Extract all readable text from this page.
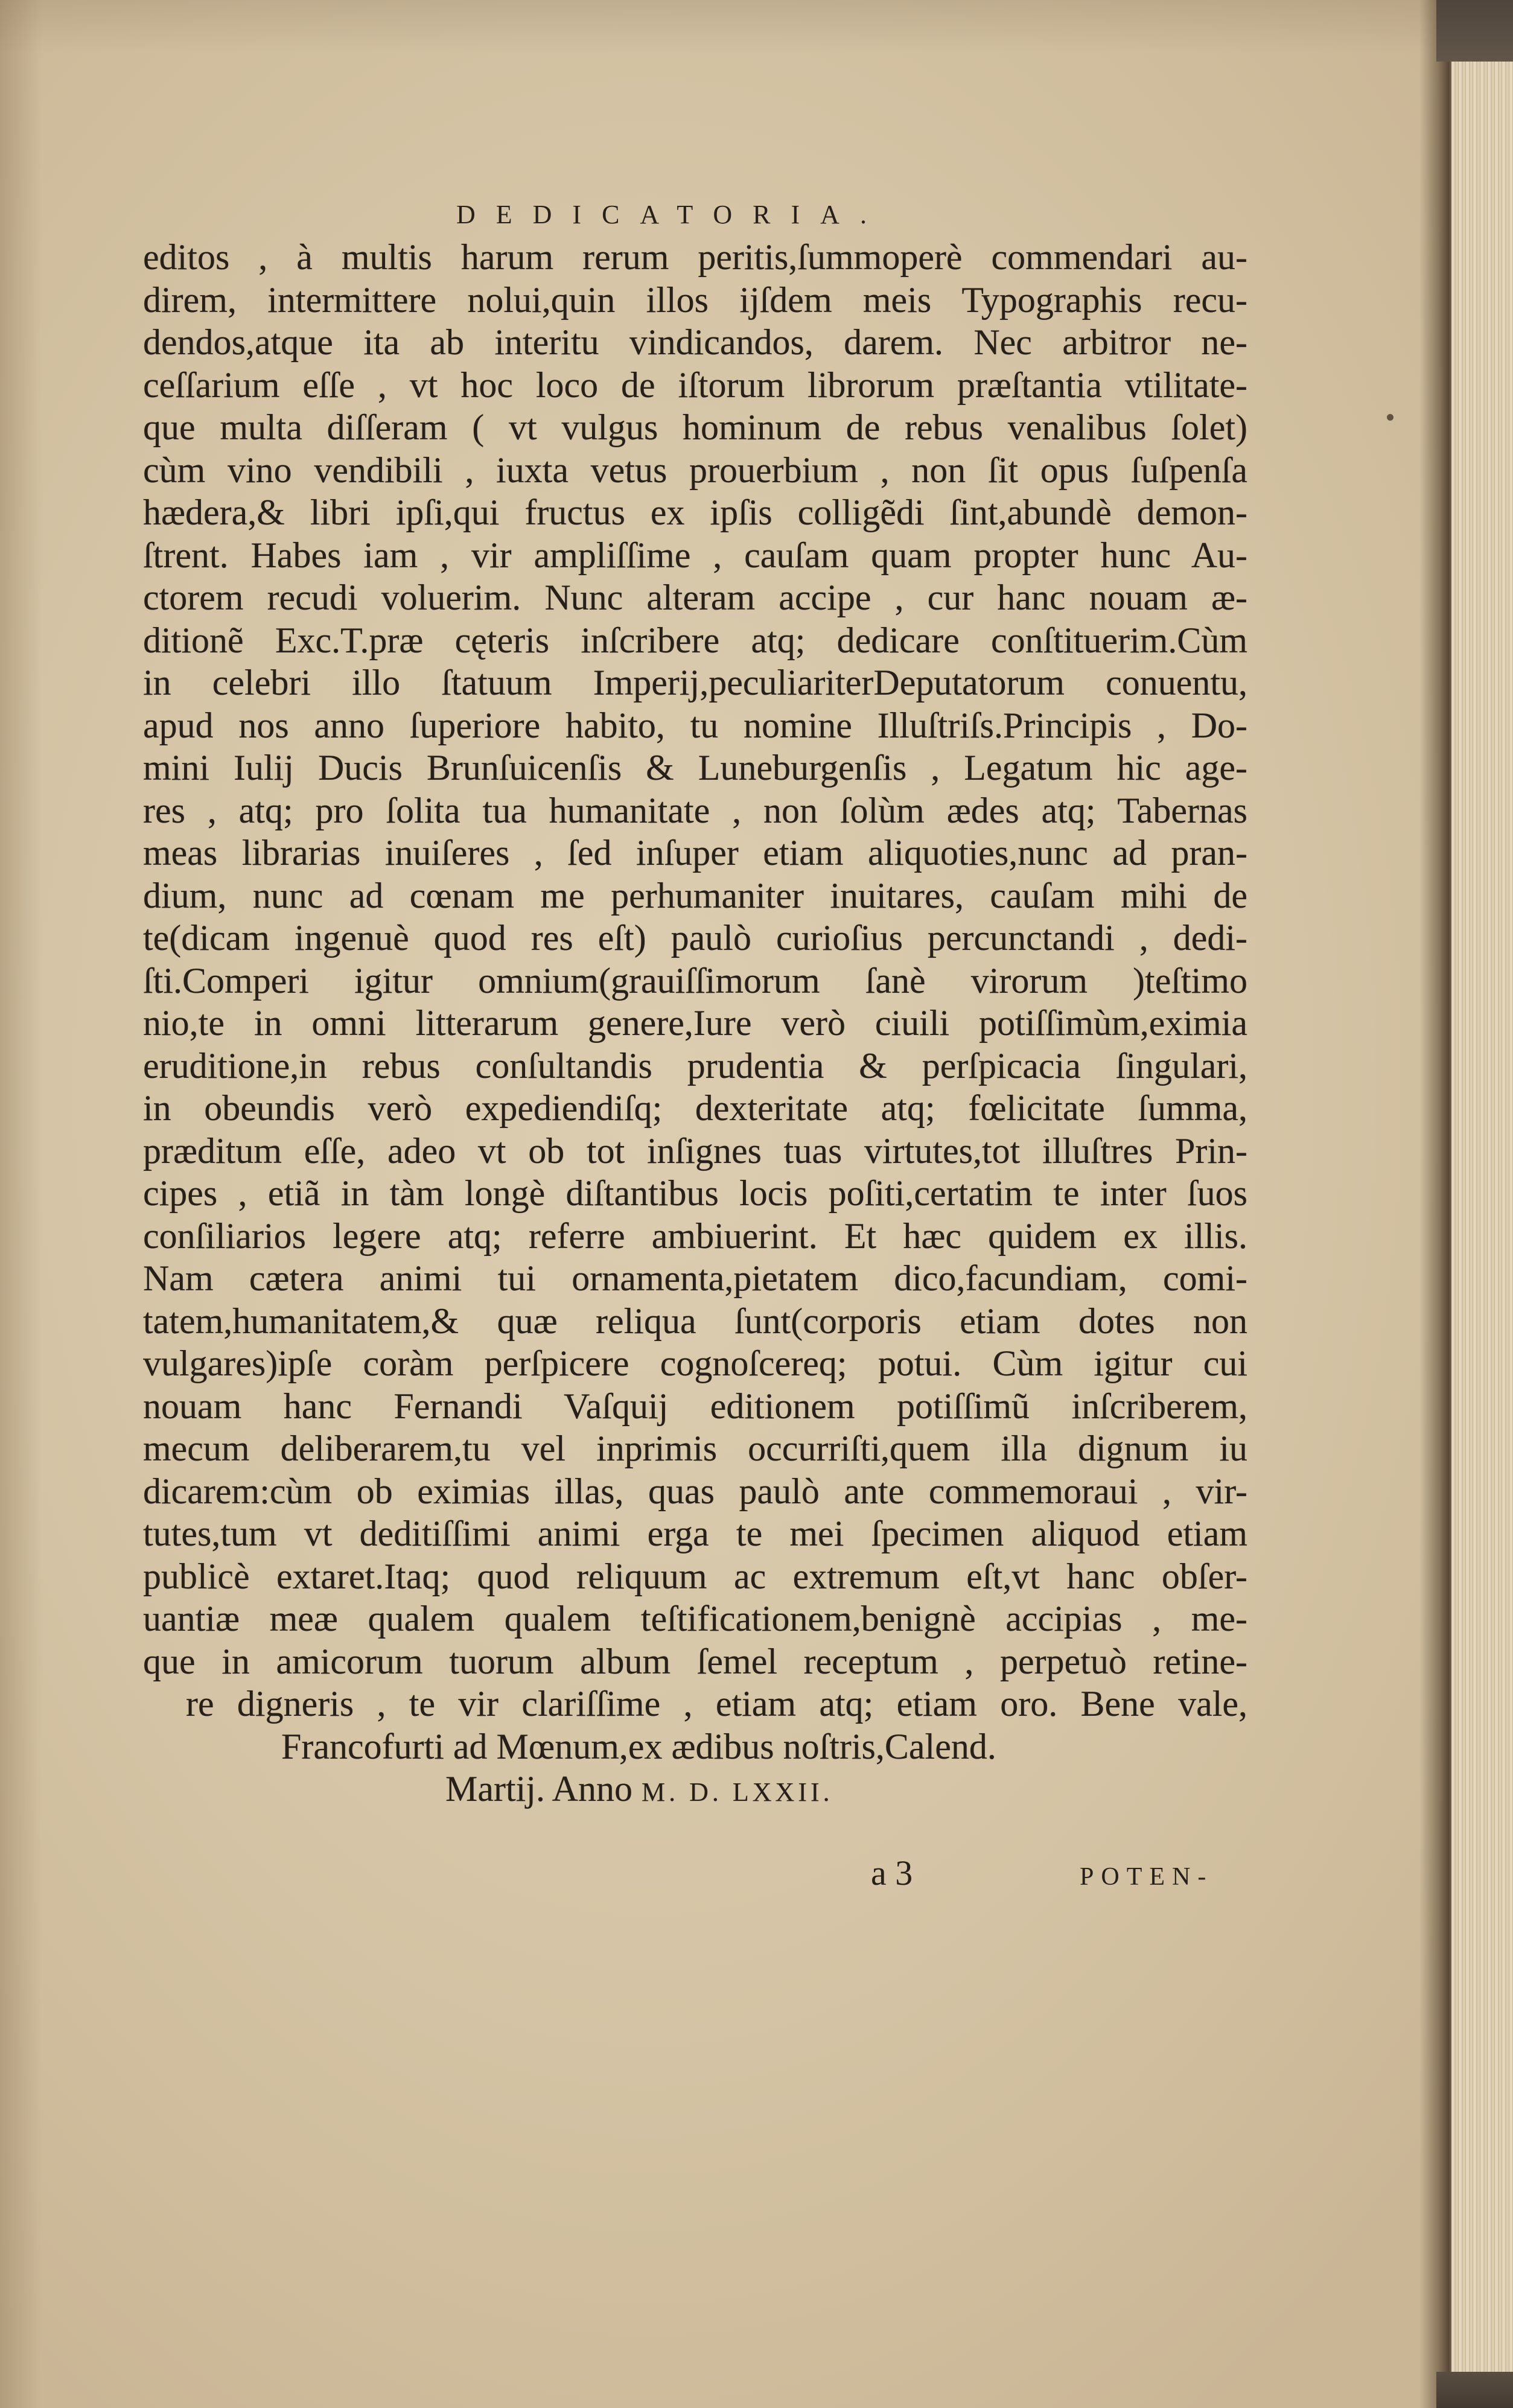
DEDICATORIA.
editos , à multis harum rerum peritis,ſummoperè commendari au-
direm, intermittere nolui,quin illos ijſdem meis Typographis recu-
dendos,atque ita ab interitu vindicandos, darem. Nec arbitror ne-
ceſſarium eſſe , vt hoc loco de iſtorum librorum præſtantia vtilitate-
que multa diſſeram ( vt vulgus hominum de rebus venalibus ſolet)
cùm vino vendibili , iuxta vetus prouerbium , non ſit opus ſuſpenſa
hædera,& libri ipſi,qui fructus ex ipſis colligẽdi ſint,abundè demon-
ſtrent. Habes iam , vir ampliſſime , cauſam quam propter hunc Au-
ctorem recudi voluerim. Nunc alteram accipe , cur hanc nouam æ-
ditionẽ Exc.T.præ cęteris inſcribere atq; dedicare conſtituerim.Cùm
in celebri illo ſtatuum Imperij,peculiariterDeputatorum conuentu,
apud nos anno ſuperiore habito, tu nomine Illuſtriſs.Principis , Do-
mini Iulij Ducis Brunſuicenſis & Luneburgenſis , Legatum hic age-
res , atq; pro ſolita tua humanitate , non ſolùm ædes atq; Tabernas
meas librarias inuiſeres , ſed inſuper etiam aliquoties,nunc ad pran-
dium, nunc ad cœnam me perhumaniter inuitares, cauſam mihi de
te(dicam ingenuè quod res eſt) paulò curioſius percunctandi , dedi-
ſti.Comperi igitur omnium(grauiſſimorum ſanè virorum )teſtimo
nio,te in omni litterarum genere,Iure verò ciuili potiſſimùm,eximia
eruditione,in rebus conſultandis prudentia & perſpicacia ſingulari,
in obeundis verò expediendiſq; dexteritate atq; fœlicitate ſumma,
præditum eſſe, adeo vt ob tot inſignes tuas virtutes,tot illuſtres Prin-
cipes , etiã in tàm longè diſtantibus locis poſiti,certatim te inter ſuos
conſiliarios legere atq; referre ambiuerint. Et hæc quidem ex illis.
Nam cætera animi tui ornamenta,pietatem dico,facundiam, comi-
tatem,humanitatem,& quæ reliqua ſunt(corporis etiam dotes non
vulgares)ipſe coràm perſpicere cognoſcereq; potui. Cùm igitur cui
nouam hanc Fernandi Vaſquij editionem potiſſimũ inſcriberem,
mecum deliberarem,tu vel inprimis occurriſti,quem illa dignum iu
dicarem:cùm ob eximias illas, quas paulò ante commemoraui , vir-
tutes,tum vt deditiſſimi animi erga te mei ſpecimen aliquod etiam
publicè extaret.Itaq; quod reliquum ac extremum eſt,vt hanc obſer-
uantiæ meæ qualem qualem teſtificationem,benignè accipias , me-
que in amicorum tuorum album ſemel receptum , perpetuò retine-
re digneris , te vir clariſſime , etiam atq; etiam oro. Bene vale,
Francofurti ad Mœnum,ex ædibus noſtris,Calend.
Martij. Anno M. D. LXXII.
a 3	POTEN-
